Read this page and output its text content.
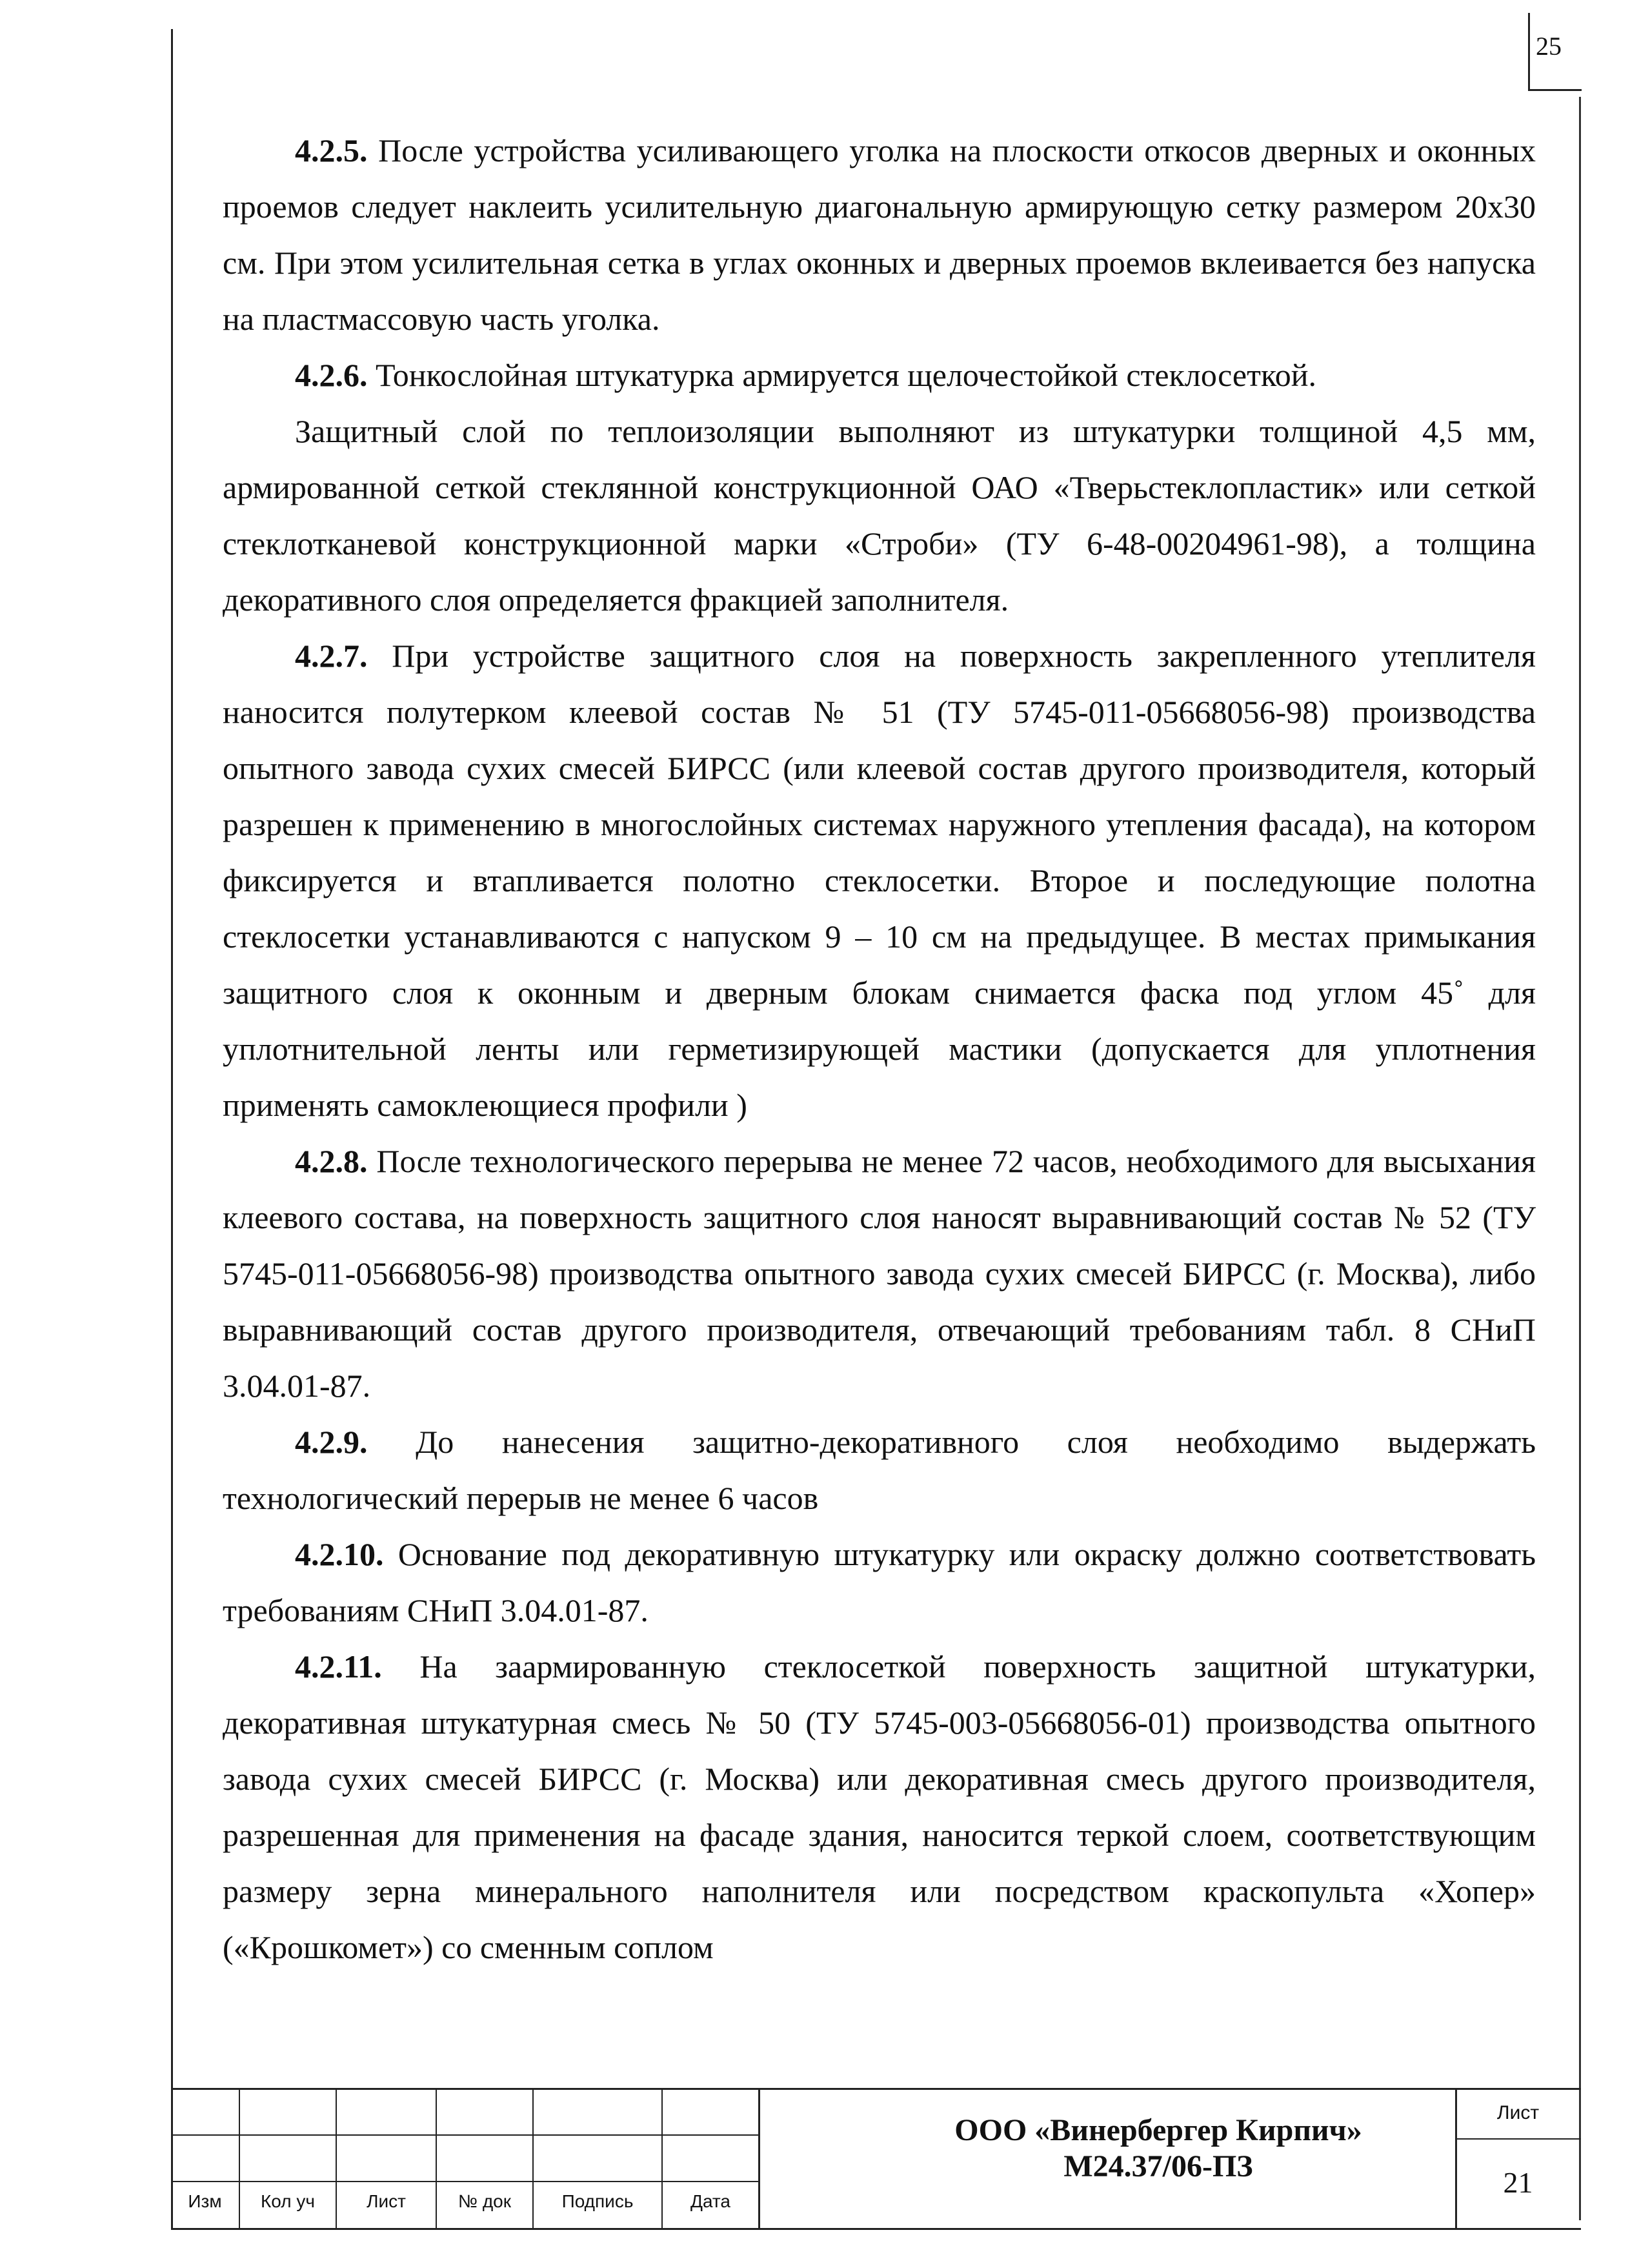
25

4.2.5. После устройства усиливающего уголка на плоскости откосов дверных и оконных проемов следует наклеить усилительную диагональную армирующую сетку размером 20х30 см. При этом усилительная сетка в углах оконных и дверных проемов вклеивается без напуска на пластмассовую часть уголка.

4.2.6. Тонкослойная штукатурка армируется щелочестойкой стеклосеткой.

Защитный слой по теплоизоляции выполняют из штукатурки толщиной 4,5 мм, армированной сеткой стеклянной конструкционной ОАО «Тверьстеклопластик» или сеткой стеклотканевой конструкционной марки «Строби» (ТУ 6-48-00204961-98), а толщина декоративного слоя определяется фракцией заполнителя.

4.2.7. При устройстве защитного слоя на поверхность закрепленного утеплителя наносится полутерком клеевой состав № 51 (ТУ 5745-011-05668056-98) производства опытного завода сухих смесей БИРСС (или клеевой состав другого производителя, который разрешен к применению в многослойных системах наружного утепления фасада), на котором фиксируется и втапливается полотно стеклосетки. Второе и последующие полотна стеклосетки устанавливаются с напуском 9 – 10 см на предыдущее. В местах примыкания защитного слоя к оконным и дверным блокам снимается фаска под углом 45˚ для уплотнительной ленты или герметизирующей мастики (допускается для уплотнения применять самоклеющиеся профили )

4.2.8. После технологического перерыва не менее 72 часов, необходимого для высыхания клеевого состава, на поверхность защитного слоя наносят выравнивающий состав № 52 (ТУ 5745-011-05668056-98) производства опытного завода сухих смесей БИРСС (г. Москва), либо выравнивающий состав другого производителя, отвечающий требованиям табл. 8 СНиП 3.04.01-87.

4.2.9. До нанесения защитно-декоративного слоя необходимо выдержать технологический перерыв не менее 6 часов

4.2.10. Основание под декоративную штукатурку или окраску должно соответствовать требованиям СНиП 3.04.01-87.

4.2.11. На заармированную стеклосеткой поверхность защитной штукатурки, декоративная штукатурная смесь № 50 (ТУ 5745-003-05668056-01) производства опытного завода сухих смесей БИРСС (г. Москва) или декоративная смесь другого производителя, разрешенная для применения на фасаде здания, наносится теркой слоем, соответствующим размеру зерна минерального наполнителя или посредством краскопульта «Хопер» («Крошкомет») со сменным соплом

Изм	Кол уч	Лист	№ док	Подпись	Дата
ООО «Винербергер Кирпич»
М24.37/06-ПЗ
Лист
21
